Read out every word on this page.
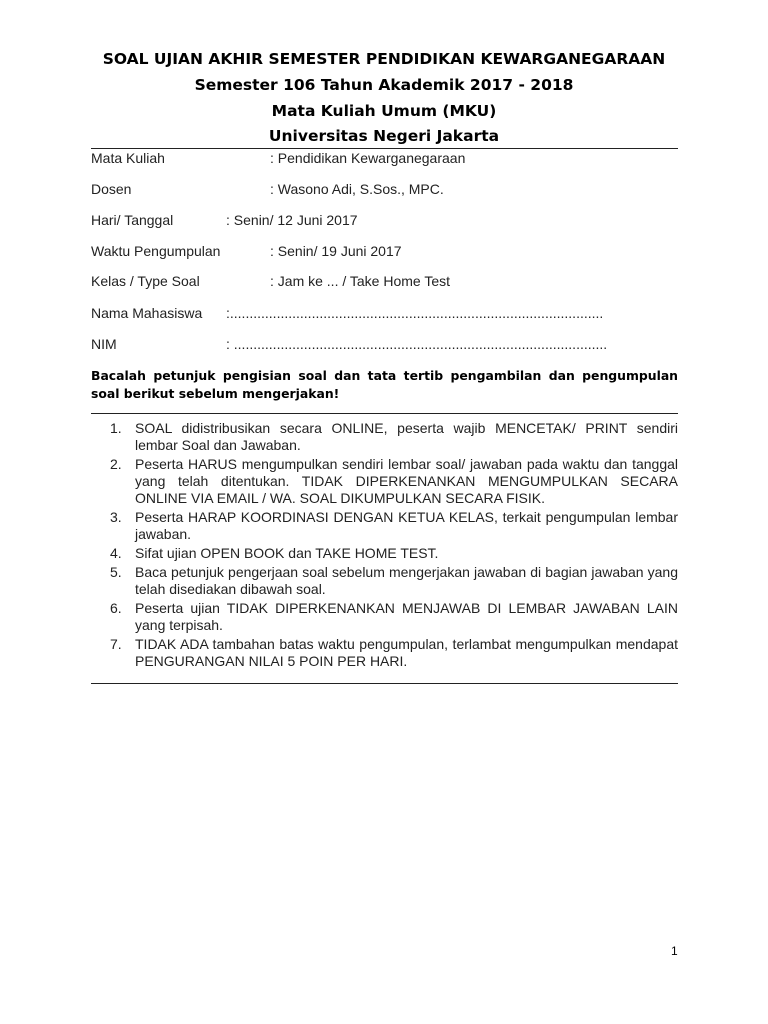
SOAL UJIAN AKHIR SEMESTER PENDIDIKAN KEWARGANEGARAAN
Semester 106 Tahun Akademik 2017 - 2018
Mata Kuliah Umum (MKU)
Universitas Negeri Jakarta
Mata Kuliah	: Pendidikan Kewarganegaraan
Dosen	: Wasono Adi, S.Sos., MPC.
Hari/ Tanggal	: Senin/ 12 Juni 2017
Waktu Pengumpulan	: Senin/ 19 Juni 2017
Kelas / Type Soal	: Jam ke ... / Take Home Test
Nama Mahasiswa :................................................................................................
NIM	: ................................................................................................
Bacalah petunjuk pengisian soal dan tata tertib pengambilan dan pengumpulan soal berikut sebelum mengerjakan!
1. SOAL didistribusikan secara ONLINE, peserta wajib MENCETAK/ PRINT sendiri lembar Soal dan Jawaban.
2. Peserta HARUS mengumpulkan sendiri lembar soal/ jawaban pada waktu dan tanggal yang telah ditentukan. TIDAK DIPERKENANKAN MENGUMPULKAN SECARA ONLINE VIA EMAIL / WA. SOAL DIKUMPULKAN SECARA FISIK.
3. Peserta HARAP KOORDINASI DENGAN KETUA KELAS, terkait pengumpulan lembar jawaban.
4. Sifat ujian OPEN BOOK dan TAKE HOME TEST.
5. Baca petunjuk pengerjaan soal sebelum mengerjakan jawaban di bagian jawaban yang telah disediakan dibawah soal.
6. Peserta ujian TIDAK DIPERKENANKAN MENJAWAB DI LEMBAR JAWABAN LAIN yang terpisah.
7. TIDAK ADA tambahan batas waktu pengumpulan, terlambat mengumpulkan mendapat PENGURANGAN NILAI 5 POIN PER HARI.
1
